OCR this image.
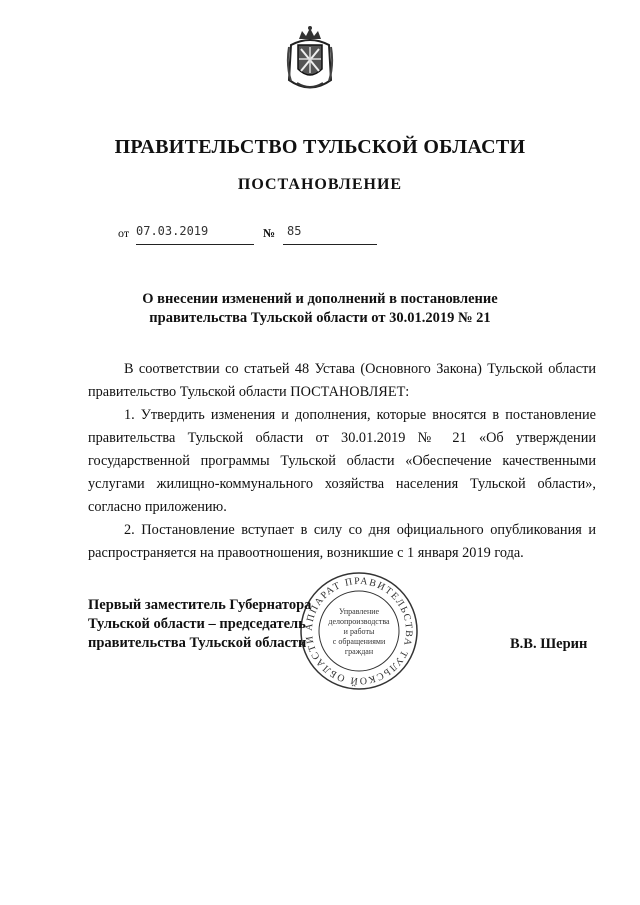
ПРАВИТЕЛЬСТВО ТУЛЬСКОЙ ОБЛАСТИ
ПОСТАНОВЛЕНИЕ
от 07.03.2019	№ 85
О внесении изменений и дополнений в постановление
правительства Тульской области от 30.01.2019 № 21

В соответствии со статьей 48 Устава (Основного Закона) Тульской области правительство Тульской области ПОСТАНОВЛЯЕТ:

1. Утвердить изменения и дополнения, которые вносятся в постановление правительства Тульской области от 30.01.2019 № 21 «Об утверждении государственной программы Тульской области «Обеспечение качественными услугами жилищно-коммунального хозяйства населения Тульской области», согласно приложению.

2. Постановление вступает в силу со дня официального опубликования и распространяется на правоотношения, возникшие с 1 января 2019 года.

АППАРАТ ПРАВИТЕЛЬСТВА ТУЛЬСКОЙ ОБЛАСТИ
Управление
делопроизводства
и работы
с обращениями
граждан
Первый заместитель Губернатора
Тульской области – председатель
правительства Тульской области	В.В. Шерин
